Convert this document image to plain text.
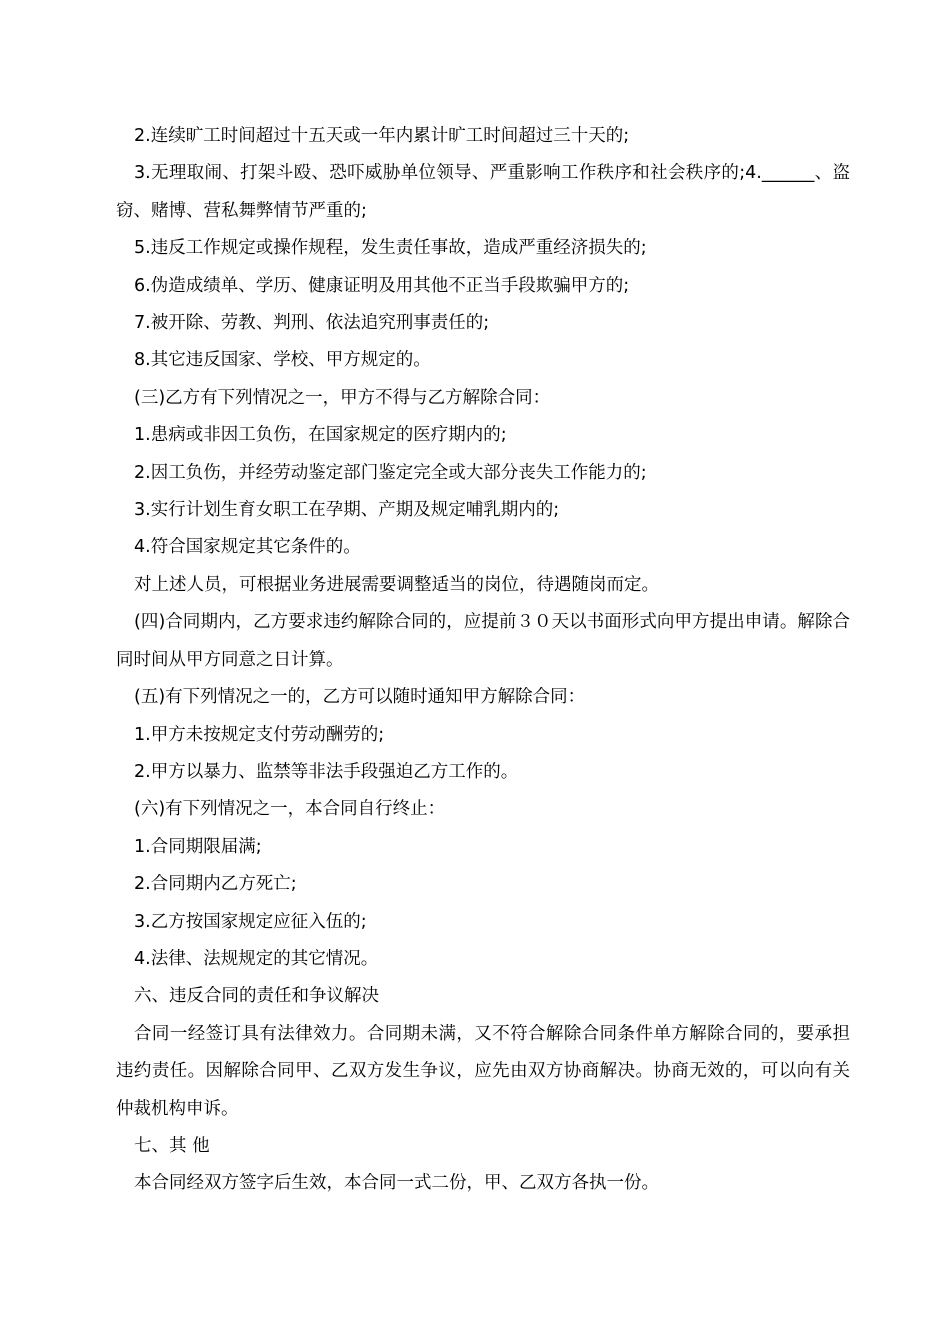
2.连续旷工时间超过十五天或一年内累计旷工时间超过三十天的;

3.无理取闹、打架斗殴、恐吓威胁单位领导、严重影响工作秩序和社会秩序的;4.______、盗窃、赌博、营私舞弊情节严重的;

5.违反工作规定或操作规程，发生责任事故，造成严重经济损失的;

6.伪造成绩单、学历、健康证明及用其他不正当手段欺骗甲方的;

7.被开除、劳教、判刑、依法追究刑事责任的;

8.其它违反国家、学校、甲方规定的。

(三)乙方有下列情况之一，甲方不得与乙方解除合同：

1.患病或非因工负伤，在国家规定的医疗期内的;

2.因工负伤，并经劳动鉴定部门鉴定完全或大部分丧失工作能力的;

3.实行计划生育女职工在孕期、产期及规定哺乳期内的;

4.符合国家规定其它条件的。

对上述人员，可根据业务进展需要调整适当的岗位，待遇随岗而定。

(四)合同期内，乙方要求违约解除合同的，应提前３０天以书面形式向甲方提出申请。解除合同时间从甲方同意之日计算。

(五)有下列情况之一的，乙方可以随时通知甲方解除合同：

1.甲方未按规定支付劳动酬劳的;

2.甲方以暴力、监禁等非法手段强迫乙方工作的。

(六)有下列情况之一，本合同自行终止：

1.合同期限届满;

2.合同期内乙方死亡;

3.乙方按国家规定应征入伍的;

4.法律、法规规定的其它情况。

六、违反合同的责任和争议解决

合同一经签订具有法律效力。合同期未满，又不符合解除合同条件单方解除合同的，要承担违约责任。因解除合同甲、乙双方发生争议，应先由双方协商解决。协商无效的，可以向有关仲裁机构申诉。

七、其 他

本合同经双方签字后生效，本合同一式二份，甲、乙双方各执一份。
